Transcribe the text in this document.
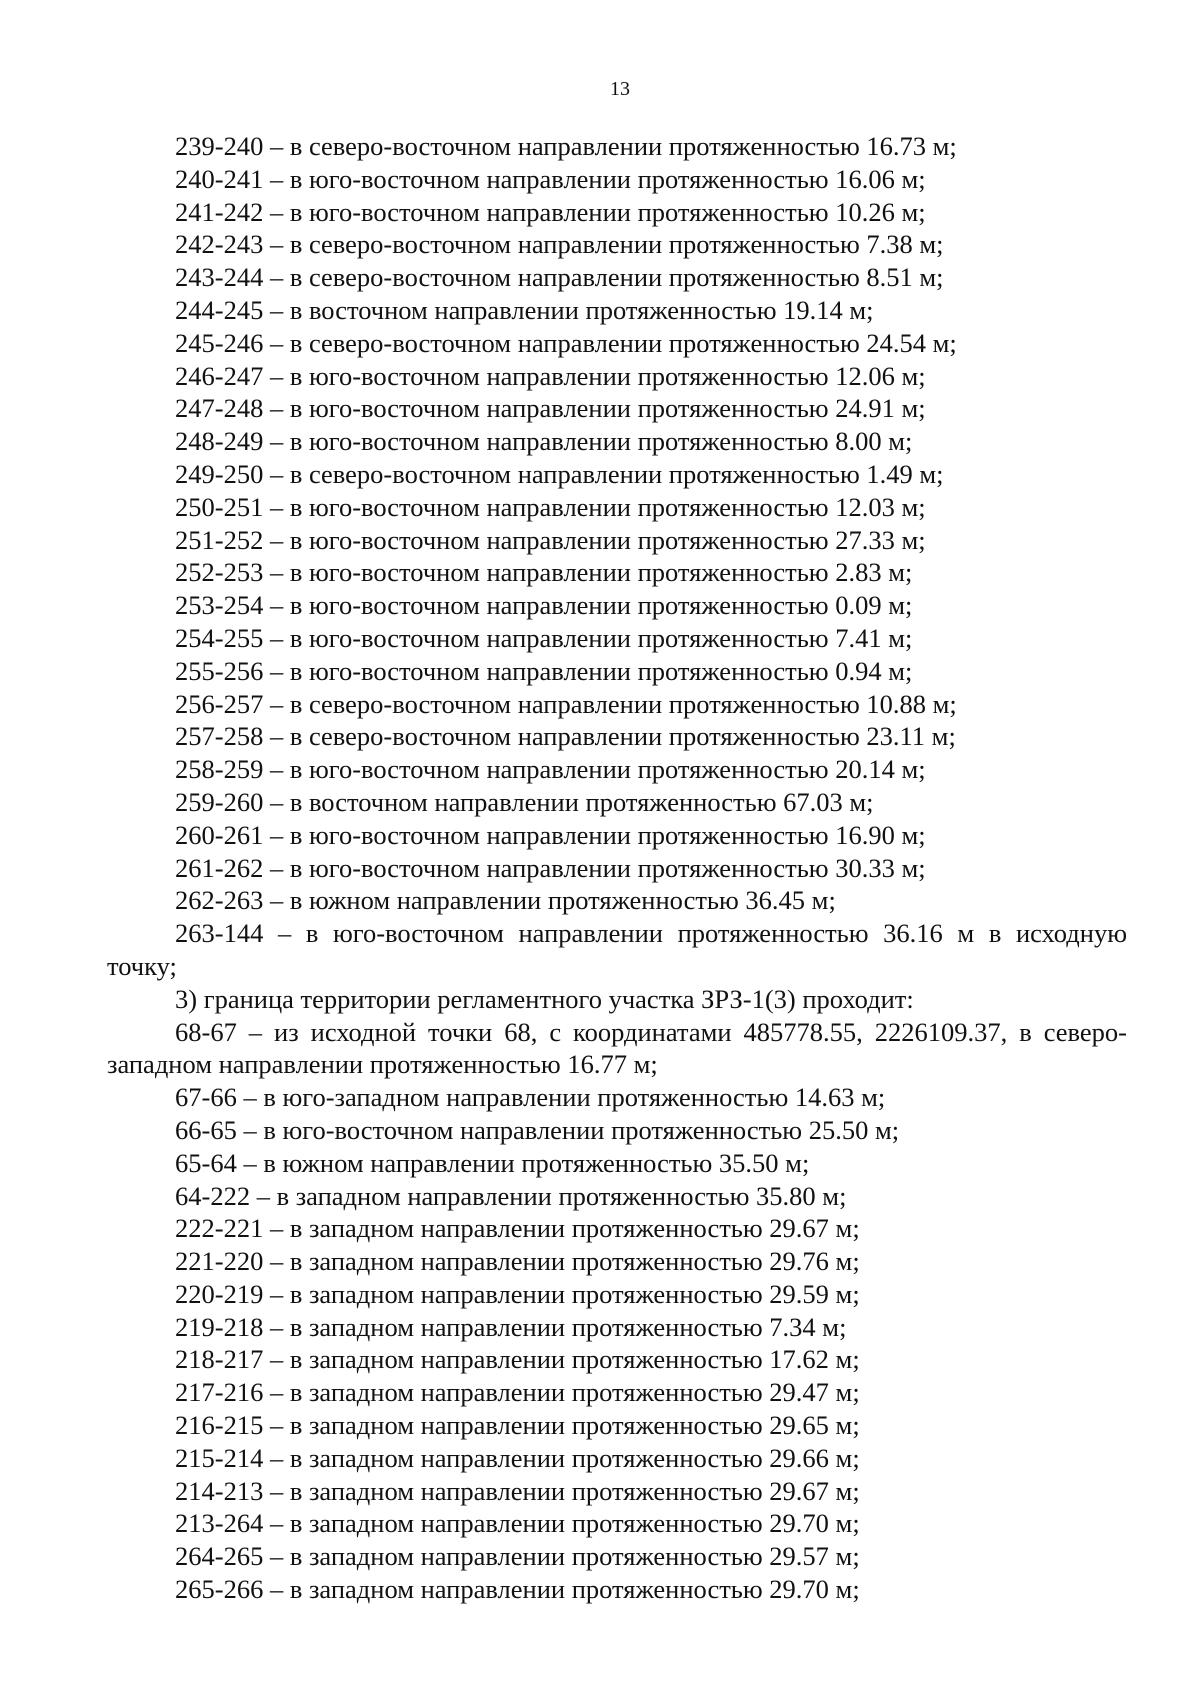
13
239-240 – в северо-восточном направлении протяженностью 16.73 м;
240-241 – в юго-восточном направлении протяженностью 16.06 м;
241-242 – в юго-восточном направлении протяженностью 10.26 м;
242-243 – в северо-восточном направлении протяженностью 7.38 м;
243-244 – в северо-восточном направлении протяженностью 8.51 м;
244-245 – в восточном направлении протяженностью 19.14 м;
245-246 – в северо-восточном направлении протяженностью 24.54 м;
246-247 – в юго-восточном направлении протяженностью 12.06 м;
247-248 – в юго-восточном направлении протяженностью 24.91 м;
248-249 – в юго-восточном направлении протяженностью 8.00 м;
249-250 – в северо-восточном направлении протяженностью 1.49 м;
250-251 – в юго-восточном направлении протяженностью 12.03 м;
251-252 – в юго-восточном направлении протяженностью 27.33 м;
252-253 – в юго-восточном направлении протяженностью 2.83 м;
253-254 – в юго-восточном направлении протяженностью 0.09 м;
254-255 – в юго-восточном направлении протяженностью 7.41 м;
255-256 – в юго-восточном направлении протяженностью 0.94 м;
256-257 – в северо-восточном направлении протяженностью 10.88 м;
257-258 – в северо-восточном направлении протяженностью 23.11 м;
258-259 – в юго-восточном направлении протяженностью 20.14 м;
259-260 – в восточном направлении протяженностью 67.03 м;
260-261 – в юго-восточном направлении протяженностью 16.90 м;
261-262 – в юго-восточном направлении протяженностью 30.33 м;
262-263 – в южном направлении протяженностью 36.45 м;
263-144 – в юго-восточном направлении протяженностью 36.16 м в исходную точку;
3) граница территории регламентного участка ЗРЗ-1(3) проходит:
68-67 – из исходной точки 68, с координатами 485778.55, 2226109.37, в северо-западном направлении протяженностью 16.77 м;
67-66 – в юго-западном направлении протяженностью 14.63 м;
66-65 – в юго-восточном направлении протяженностью 25.50 м;
65-64 – в южном направлении протяженностью 35.50 м;
64-222 – в западном направлении протяженностью 35.80 м;
222-221 – в западном направлении протяженностью 29.67 м;
221-220 – в западном направлении протяженностью 29.76 м;
220-219 – в западном направлении протяженностью 29.59 м;
219-218 – в западном направлении протяженностью 7.34 м;
218-217 – в западном направлении протяженностью 17.62 м;
217-216 – в западном направлении протяженностью 29.47 м;
216-215 – в западном направлении протяженностью 29.65 м;
215-214 – в западном направлении протяженностью 29.66 м;
214-213 – в западном направлении протяженностью 29.67 м;
213-264 – в западном направлении протяженностью 29.70 м;
264-265 – в западном направлении протяженностью 29.57 м;
265-266 – в западном направлении протяженностью 29.70 м;
